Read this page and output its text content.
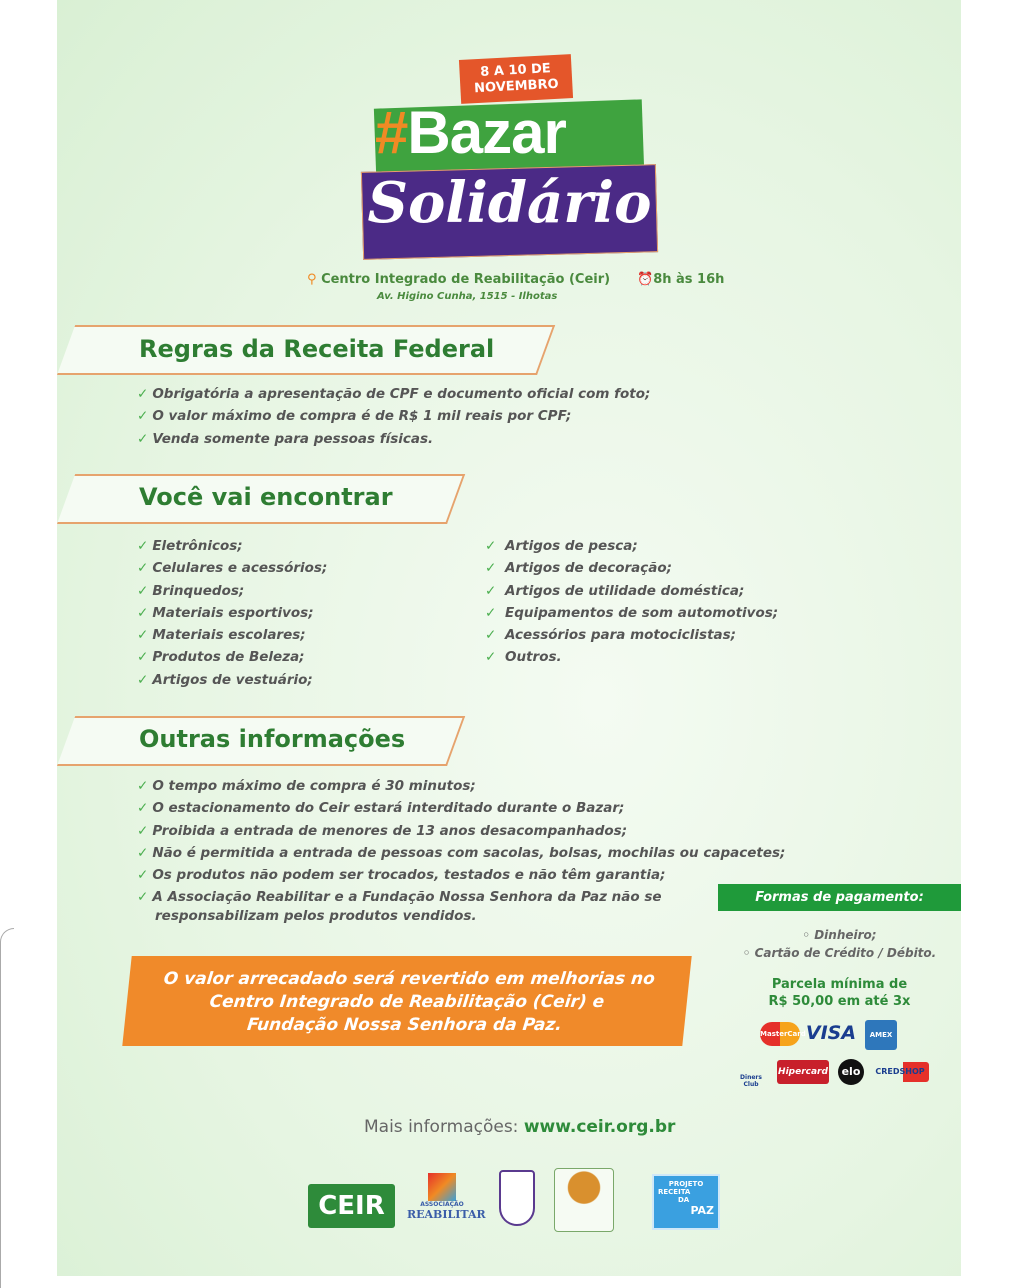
8 A 10 DE NOVEMBRO
#Bazar
Solidário
⚲ Centro Integrado de Reabilitação (Ceir)
Av. Higino Cunha, 1515 - Ilhotas
⏰8h às 16h
Regras da Receita Federal
✓ Obrigatória a apresentação de CPF e documento oficial com foto;
✓ O valor máximo de compra é de R$ 1 mil reais por CPF;
✓ Venda somente para pessoas físicas.
Você vai encontrar
✓ Eletrônicos;
✓ Celulares e acessórios;
✓ Brinquedos;
✓ Materiais esportivos;
✓ Materiais escolares;
✓ Produtos de Beleza;
✓ Artigos de vestuário;
✓ Artigos de pesca;
✓ Artigos de decoração;
✓ Artigos de utilidade doméstica;
✓ Equipamentos de som automotivos;
✓ Acessórios para motociclistas;
✓ Outros.
Outras informações
✓ O tempo máximo de compra é 30 minutos;
✓ O estacionamento do Ceir estará interditado durante o Bazar;
✓ Proibida a entrada de menores de 13 anos desacompanhados;
✓ Não é permitida a entrada de pessoas com sacolas, bolsas, mochilas ou capacetes;
✓ Os produtos não podem ser trocados, testados e não têm garantia;
✓ A Associação Reabilitar e a Fundação Nossa Senhora da Paz não se
responsabilizam pelos produtos vendidos.
O valor arrecadado será revertido em melhorias no
Centro Integrado de Reabilitação (Ceir) e
Fundação Nossa Senhora da Paz.
Formas de pagamento:
◦ Dinheiro;
◦ Cartão de Crédito / Débito.
Parcela mínima de
R$ 50,00 em até 3x
MasterCard VISA	AMEX
Diners Club
Hipercard	elo	CREDSHOP
Mais informações: www.ceir.org.br
CEIR	ASSOCIAÇÃO
REABILITAR
PROJETO
RECEITA
DA
PAZ
